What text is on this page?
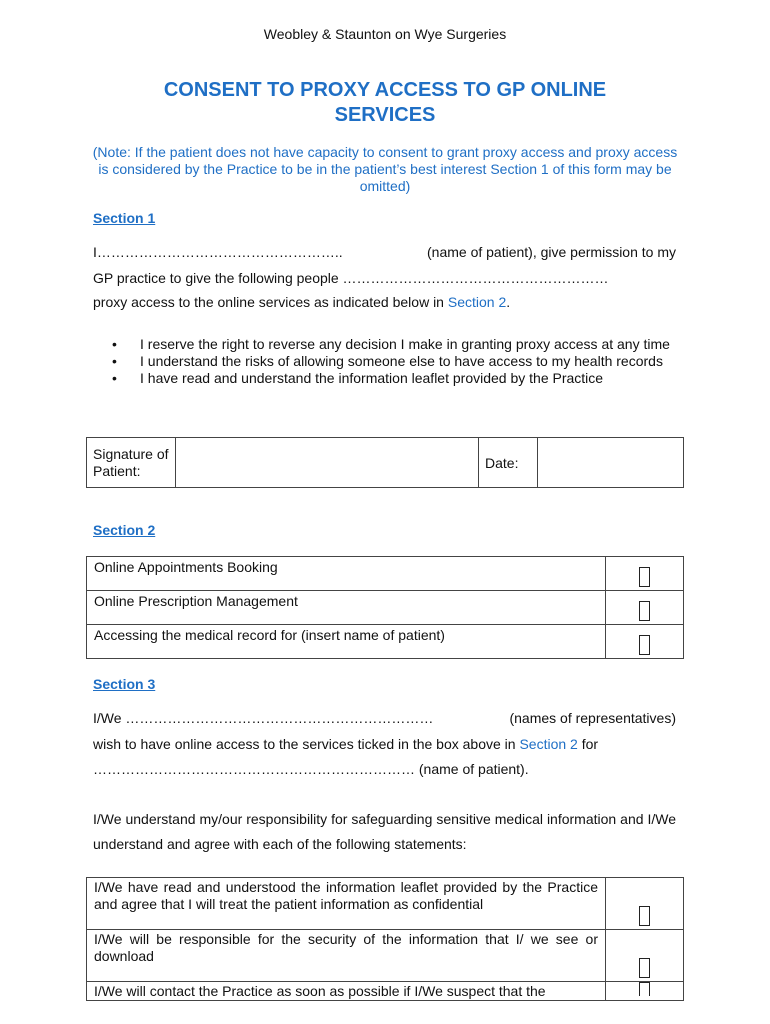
Weobley & Staunton on Wye Surgeries
CONSENT TO PROXY ACCESS TO GP ONLINE
SERVICES
(Note: If the patient does not have capacity to consent to grant proxy access and proxy access is considered by the Practice to be in the patient’s best interest Section 1 of this form may be omitted)
Section 1
I……………………………………………..	(name of patient), give permission to my
GP practice to give the following people …………………………………………………
proxy access to the online services as indicated below in Section 2.
• I reserve the right to reverse any decision I make in granting proxy access at any time
• I understand the risks of allowing someone else to have access to my health records
• I have read and understand the information leaflet provided by the Practice
Signature of Patient:		Date:

Section 2
Online Appointments Booking	

Online Prescription Management	

Accessing the medical record for (insert name of patient)	

Section 3
I/We …………………………………………………………	(names of representatives)
wish to have online access to the services ticked in the box above in Section 2 for
…………………………………………………………… (name of patient).
I/We understand my/our responsibility for safeguarding sensitive medical information and I/We understand and agree with each of the following statements:
I/We have read and understood the information leaflet provided by the Practice and agree that I will treat the patient information as confidential	

I/We will be responsible for the security of the information that I/ we see or download	

I/We will contact the Practice as soon as possible if I/We suspect that the	
